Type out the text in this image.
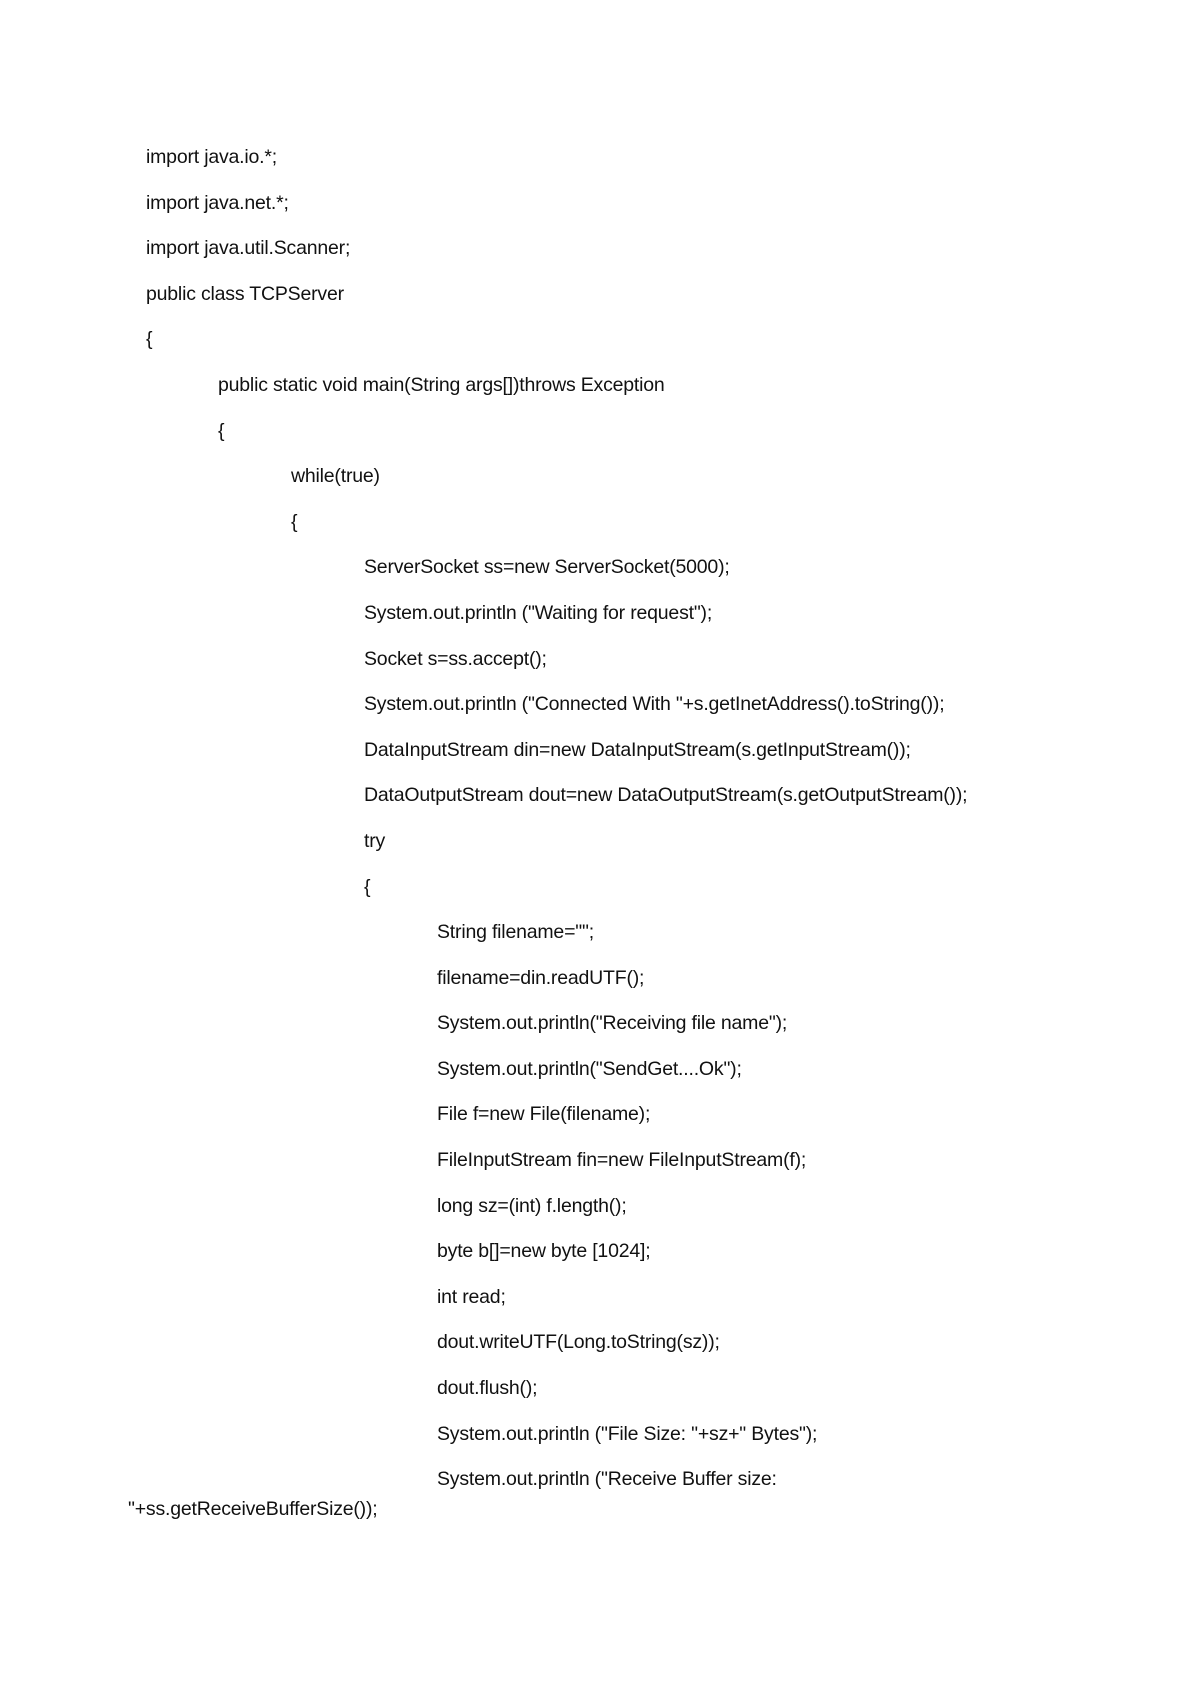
import java.io.*;
import java.net.*;
import java.util.Scanner;
public class TCPServer
{
public static void main(String args[])throws Exception
{
while(true)
{
ServerSocket ss=new ServerSocket(5000);
System.out.println ("Waiting for request");
Socket s=ss.accept();
System.out.println ("Connected With "+s.getInetAddress().toString());
DataInputStream din=new DataInputStream(s.getInputStream());
DataOutputStream dout=new DataOutputStream(s.getOutputStream());
try
{
String filename="";
filename=din.readUTF();
System.out.println("Receiving file name");
System.out.println("SendGet....Ok");
File f=new File(filename);
FileInputStream fin=new FileInputStream(f);
long sz=(int) f.length();
byte b[]=new byte [1024];
int read;
dout.writeUTF(Long.toString(sz));
dout.flush();
System.out.println ("File Size: "+sz+" Bytes");
System.out.println ("Receive Buffer size:
"+ss.getReceiveBufferSize());
